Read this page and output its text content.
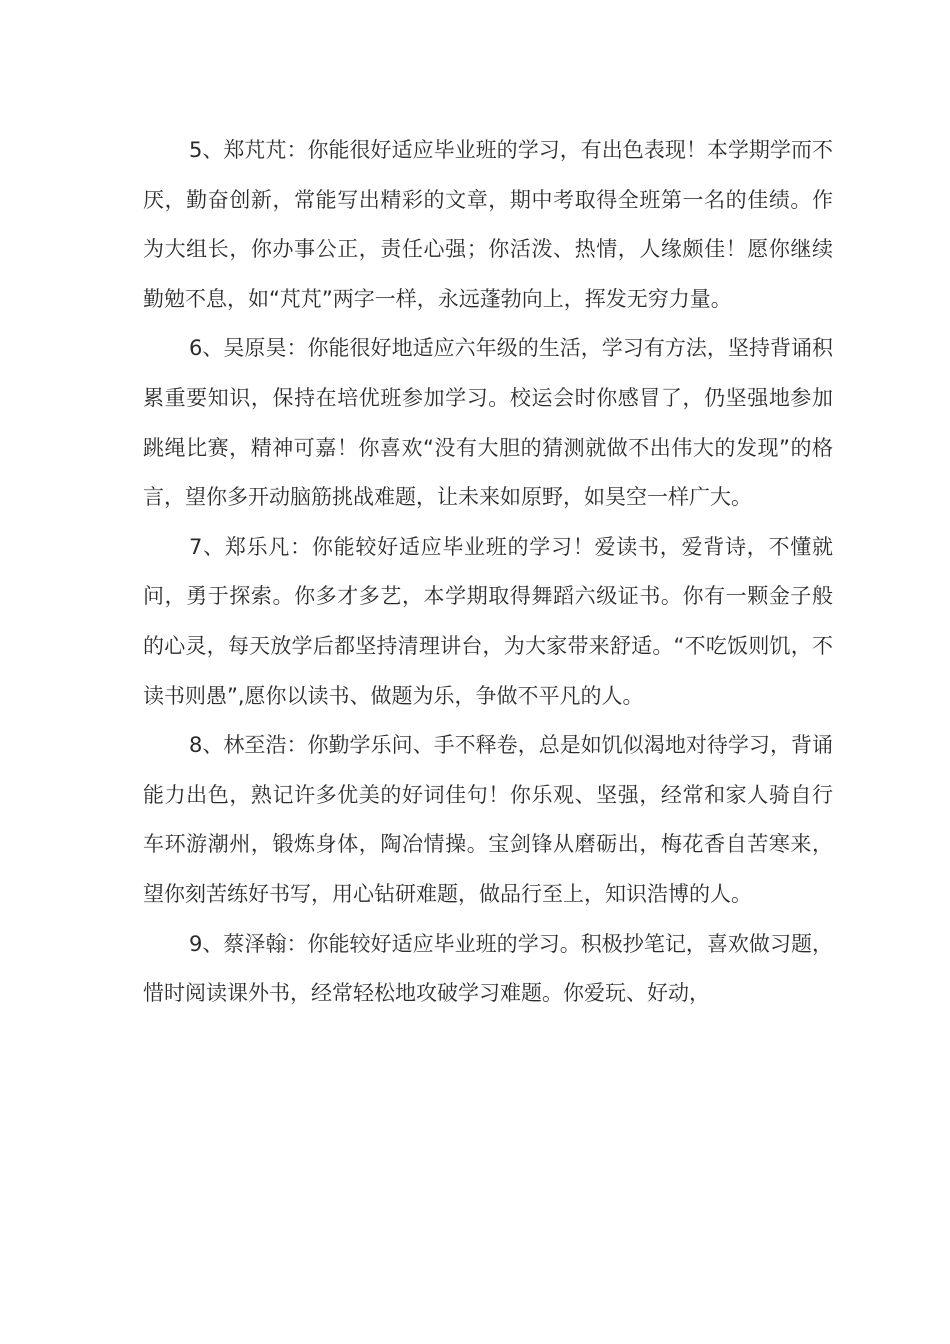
5、郑芃芃：你能很好适应毕业班的学习，有出色表现！本学期学而不厌，勤奋创新，常能写出精彩的文章，期中考取得全班第一名的佳绩。作为大组长，你办事公正，责任心强；你活泼、热情，人缘颇佳！愿你继续勤勉不息，如“芃芃”两字一样，永远蓬勃向上，挥发无穷力量。

6、吴原昊：你能很好地适应六年级的生活，学习有方法，坚持背诵积累重要知识，保持在培优班参加学习。校运会时你感冒了，仍坚强地参加跳绳比赛，精神可嘉！你喜欢“没有大胆的猜测就做不出伟大的发现”的格言，望你多开动脑筋挑战难题，让未来如原野，如昊空一样广大。

7、郑乐凡：你能较好适应毕业班的学习！爱读书，爱背诗，不懂就问，勇于探索。你多才多艺，本学期取得舞蹈六级证书。你有一颗金子般的心灵，每天放学后都坚持清理讲台，为大家带来舒适。“不吃饭则饥，不读书则愚”,愿你以读书、做题为乐，争做不平凡的人。

8、林至浩：你勤学乐问、手不释卷，总是如饥似渴地对待学习，背诵能力出色，熟记许多优美的好词佳句！你乐观、坚强，经常和家人骑自行车环游潮州，锻炼身体，陶冶情操。宝剑锋从磨砺出，梅花香自苦寒来，望你刻苦练好书写，用心钻研难题，做品行至上，知识浩博的人。

9、蔡泽翰：你能较好适应毕业班的学习。积极抄笔记，喜欢做习题，惜时阅读课外书，经常轻松地攻破学习难题。你爱玩、好动，
